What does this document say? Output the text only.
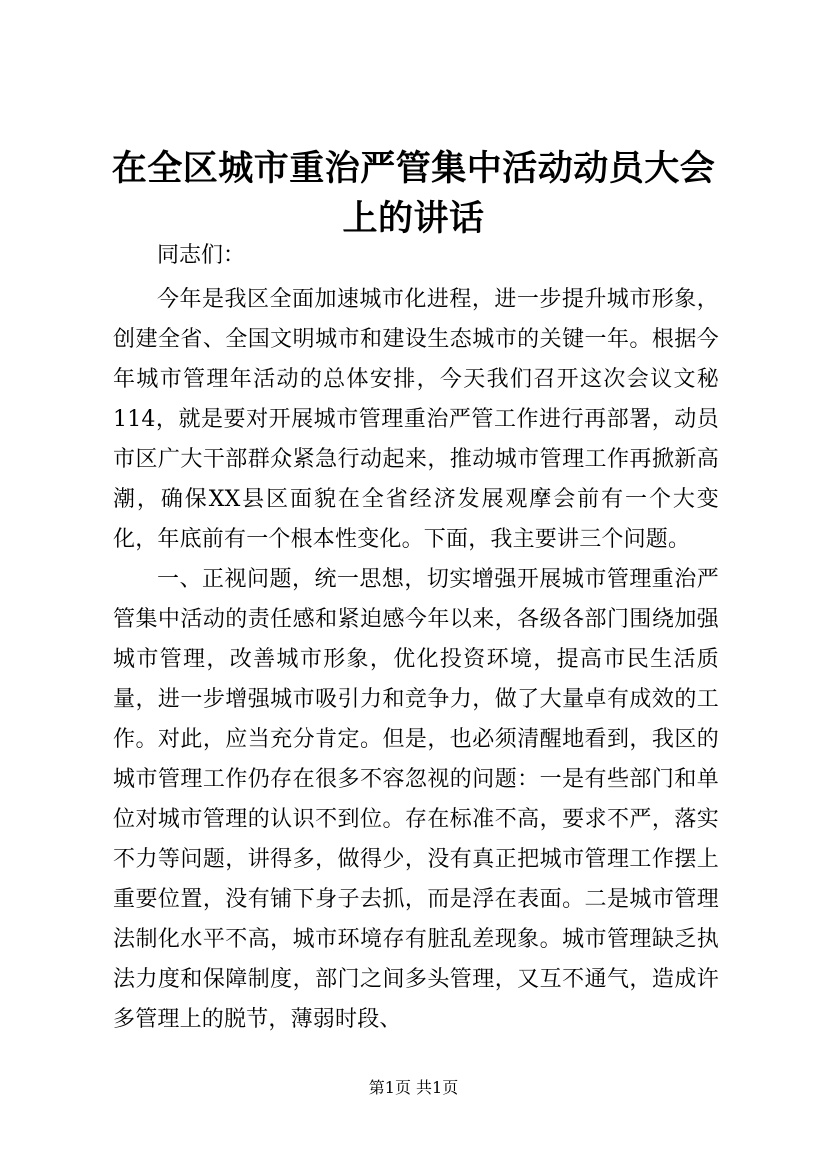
在全区城市重治严管集中活动动员大会上的讲话

同志们：

今年是我区全面加速城市化进程，进一步提升城市形象，创建全省、全国文明城市和建设生态城市的关键一年。根据今年城市管理年活动的总体安排，今天我们召开这次会议文秘114，就是要对开展城市管理重治严管工作进行再部署，动员市区广大干部群众紧急行动起来，推动城市管理工作再掀新高潮，确保XX县区面貌在全省经济发展观摩会前有一个大变化，年底前有一个根本性变化。下面，我主要讲三个问题。

一、正视问题，统一思想，切实增强开展城市管理重治严管集中活动的责任感和紧迫感今年以来，各级各部门围绕加强城市管理，改善城市形象，优化投资环境，提高市民生活质量，进一步增强城市吸引力和竞争力，做了大量卓有成效的工作。对此，应当充分肯定。但是，也必须清醒地看到，我区的城市管理工作仍存在很多不容忽视的问题：一是有些部门和单位对城市管理的认识不到位。存在标准不高，要求不严，落实不力等问题，讲得多，做得少，没有真正把城市管理工作摆上重要位置，没有铺下身子去抓，而是浮在表面。二是城市管理法制化水平不高，城市环境存有脏乱差现象。城市管理缺乏执法力度和保障制度，部门之间多头管理，又互不通气，造成许多管理上的脱节，薄弱时段、

第1页 共1页
